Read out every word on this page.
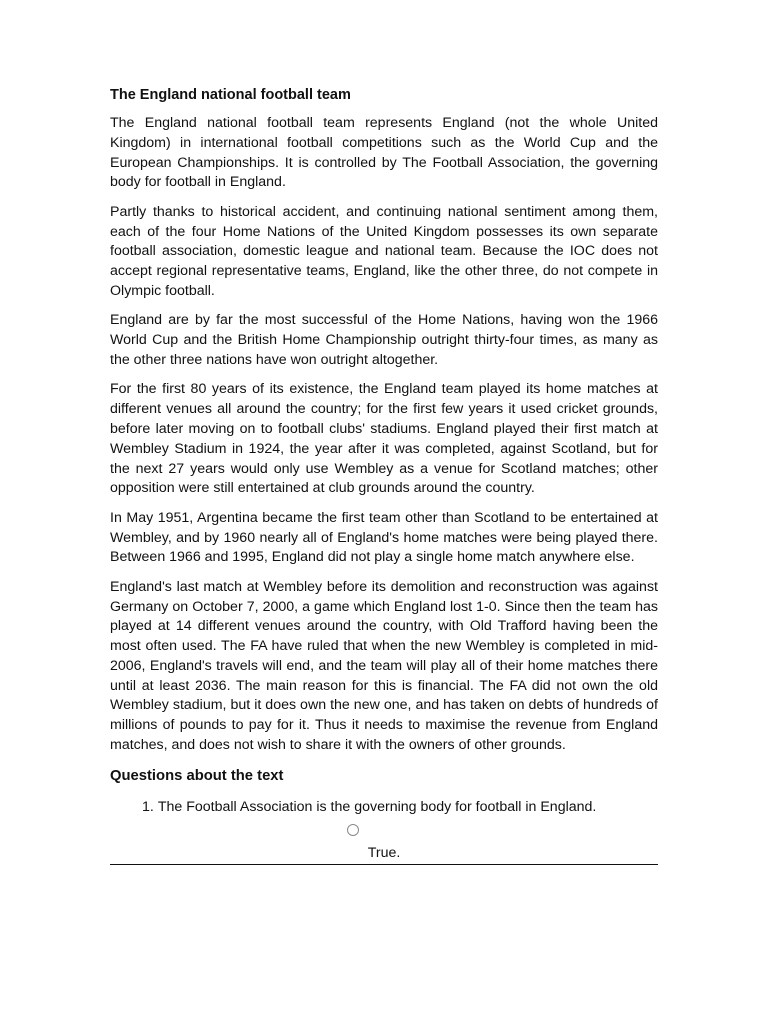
The England national football team

The England national football team represents England (not the whole United Kingdom) in international football competitions such as the World Cup and the European Championships. It is controlled by The Football Association, the governing body for football in England.

Partly thanks to historical accident, and continuing national sentiment among them, each of the four Home Nations of the United Kingdom possesses its own separate football association, domestic league and national team. Because the IOC does not accept regional representative teams, England, like the other three, do not compete in Olympic football.

England are by far the most successful of the Home Nations, having won the 1966 World Cup and the British Home Championship outright thirty-four times, as many as the other three nations have won outright altogether.

For the first 80 years of its existence, the England team played its home matches at different venues all around the country; for the first few years it used cricket grounds, before later moving on to football clubs' stadiums. England played their first match at Wembley Stadium in 1924, the year after it was completed, against Scotland, but for the next 27 years would only use Wembley as a venue for Scotland matches; other opposition were still entertained at club grounds around the country.

In May 1951, Argentina became the first team other than Scotland to be entertained at Wembley, and by 1960 nearly all of England's home matches were being played there. Between 1966 and 1995, England did not play a single home match anywhere else.

England's last match at Wembley before its demolition and reconstruction was against Germany on October 7, 2000, a game which England lost 1-0. Since then the team has played at 14 different venues around the country, with Old Trafford having been the most often used. The FA have ruled that when the new Wembley is completed in mid-2006, England's travels will end, and the team will play all of their home matches there until at least 2036. The main reason for this is financial. The FA did not own the old Wembley stadium, but it does own the new one, and has taken on debts of hundreds of millions of pounds to pay for it. Thus it needs to maximise the revenue from England matches, and does not wish to share it with the owners of other grounds.

Questions about the text
1. The Football Association is the governing body for football in England.
True.
